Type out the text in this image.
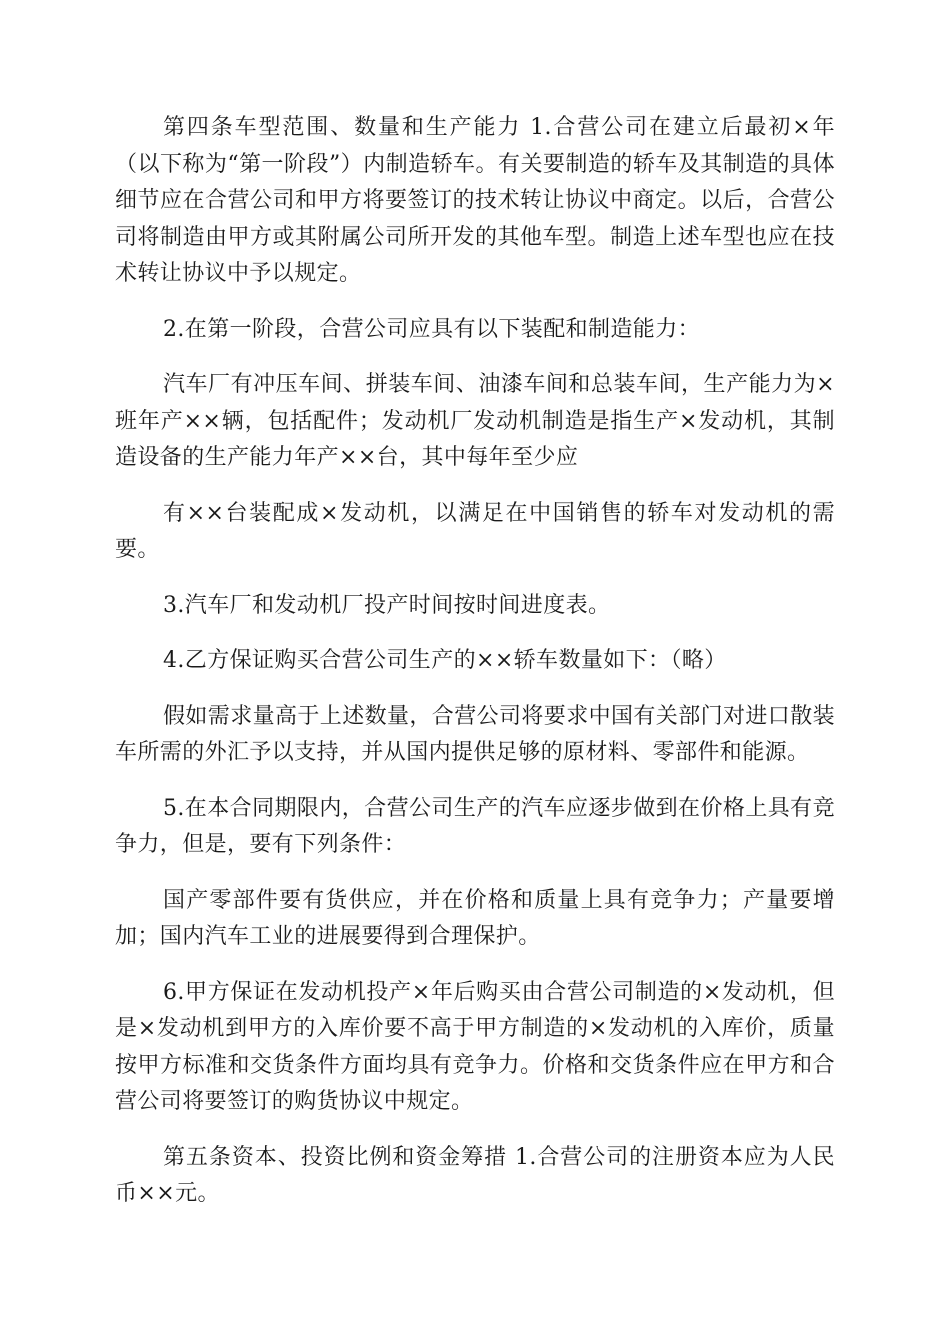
第四条车型范围、数量和生产能力 1.合营公司在建立后最初×年（以下称为“第一阶段”）内制造轿车。有关要制造的轿车及其制造的具体细节应在合营公司和甲方将要签订的技术转让协议中商定。以后，合营公司将制造由甲方或其附属公司所开发的其他车型。制造上述车型也应在技术转让协议中予以规定。

2.在第一阶段，合营公司应具有以下装配和制造能力：

汽车厂有冲压车间、拼装车间、油漆车间和总装车间，生产能力为×班年产××辆，包括配件；发动机厂发动机制造是指生产×发动机，其制造设备的生产能力年产××台，其中每年至少应

有××台装配成×发动机，以满足在中国销售的轿车对发动机的需要。

3.汽车厂和发动机厂投产时间按时间进度表。

4.乙方保证购买合营公司生产的××轿车数量如下：（略）

假如需求量高于上述数量，合营公司将要求中国有关部门对进口散装车所需的外汇予以支持，并从国内提供足够的原材料、零部件和能源。

5.在本合同期限内，合营公司生产的汽车应逐步做到在价格上具有竞争力，但是，要有下列条件：

国产零部件要有货供应，并在价格和质量上具有竞争力；产量要增加；国内汽车工业的进展要得到合理保护。

6.甲方保证在发动机投产×年后购买由合营公司制造的×发动机，但是×发动机到甲方的入库价要不高于甲方制造的×发动机的入库价，质量按甲方标准和交货条件方面均具有竞争力。价格和交货条件应在甲方和合营公司将要签订的购货协议中规定。

第五条资本、投资比例和资金筹措 1.合营公司的注册资本应为人民币××元。
